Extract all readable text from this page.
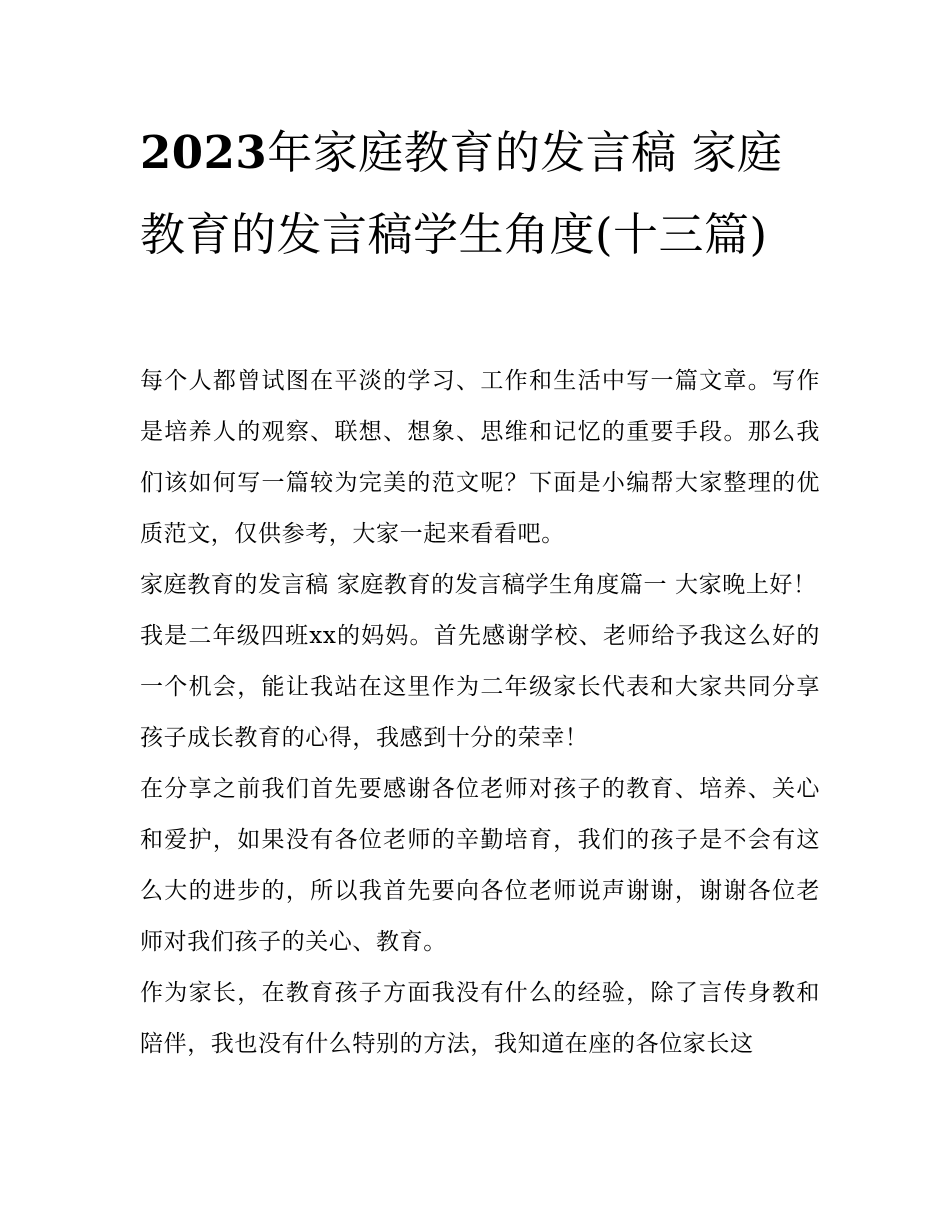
2023年家庭教育的发言稿 家庭教育的发言稿学生角度(十三篇)

每个人都曾试图在平淡的学习、工作和生活中写一篇文章。写作是培养人的观察、联想、想象、思维和记忆的重要手段。那么我们该如何写一篇较为完美的范文呢？下面是小编帮大家整理的优质范文，仅供参考，大家一起来看看吧。

家庭教育的发言稿 家庭教育的发言稿学生角度篇一 大家晚上好！

我是二年级四班xx的妈妈。首先感谢学校、老师给予我这么好的一个机会，能让我站在这里作为二年级家长代表和大家共同分享孩子成长教育的心得，我感到十分的荣幸！

在分享之前我们首先要感谢各位老师对孩子的教育、培养、关心和爱护，如果没有各位老师的辛勤培育，我们的孩子是不会有这么大的进步的，所以我首先要向各位老师说声谢谢，谢谢各位老师对我们孩子的关心、教育。

作为家长，在教育孩子方面我没有什么的经验，除了言传身教和陪伴，我也没有什么特别的方法，我知道在座的各位家长这
